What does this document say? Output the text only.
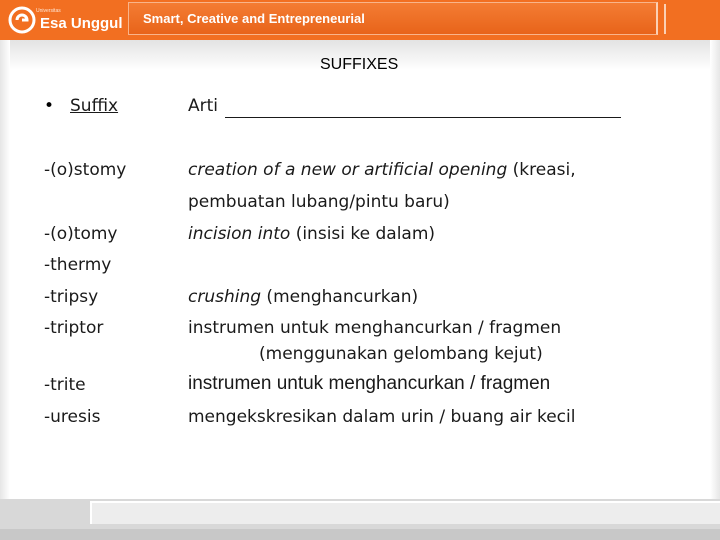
Universitas
Esa Unggul Smart, Creative and Entrepreneurial
SUFFIXES
• Suffix	Arti
-(o)stomy
-(o)tomy
-thermy
-tripsy
-triptor
-trite
-uresis
creation of a new or artificial opening (kreasi,
pembuatan lubang/pintu baru)
incision into (insisi ke dalam)
crushing (menghancurkan)
instrumen untuk menghancurkan / fragmen
(menggunakan gelombang kejut)
instrumen untuk menghancurkan / fragmen
mengekskresikan dalam urin / buang air kecil
